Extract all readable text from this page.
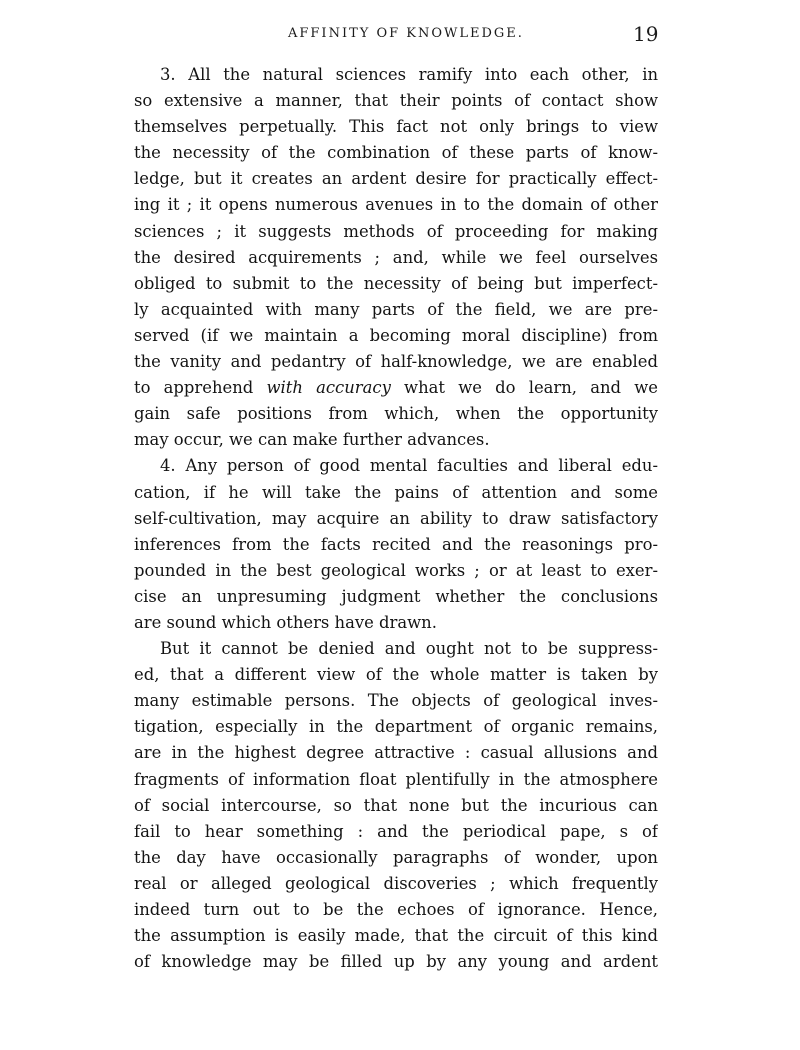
AFFINITY OF KNOWLEDGE.	19
3. All the natural sciences ramify into each other, in
so extensive a manner, that their points of contact show
themselves perpetually. This fact not only brings to view
the necessity of the combination of these parts of know-
ledge, but it creates an ardent desire for practically effect-
ing it ; it opens numerous avenues in to the domain of other
sciences ; it suggests methods of proceeding for making
the desired acquirements ; and, while we feel ourselves
obliged to submit to the necessity of being but imperfect-
ly acquainted with many parts of the field, we are pre-
served (if we maintain a becoming moral discipline) from
the vanity and pedantry of half-knowledge, we are enabled
to apprehend with accuracy what we do learn, and we
gain safe positions from which, when the opportunity
may occur, we can make further advances.
4. Any person of good mental faculties and liberal edu-
cation, if he will take the pains of attention and some
self-cultivation, may acquire an ability to draw satisfactory
inferences from the facts recited and the reasonings pro-
pounded in the best geological works ; or at least to exer-
cise an unpresuming judgment whether the conclusions
are sound which others have drawn.
But it cannot be denied and ought not to be suppress-
ed, that a different view of the whole matter is taken by
many estimable persons. The objects of geological inves-
tigation, especially in the department of organic remains,
are in the highest degree attractive : casual allusions and
fragments of information float plentifully in the atmosphere
of social intercourse, so that none but the incurious can
fail to hear something : and the periodical pape, s of
the day have occasionally paragraphs of wonder, upon
real or alleged geological discoveries ; which frequently
indeed turn out to be the echoes of ignorance. Hence,
the assumption is easily made, that the circuit of this kind
of knowledge may be filled up by any young and ardent
